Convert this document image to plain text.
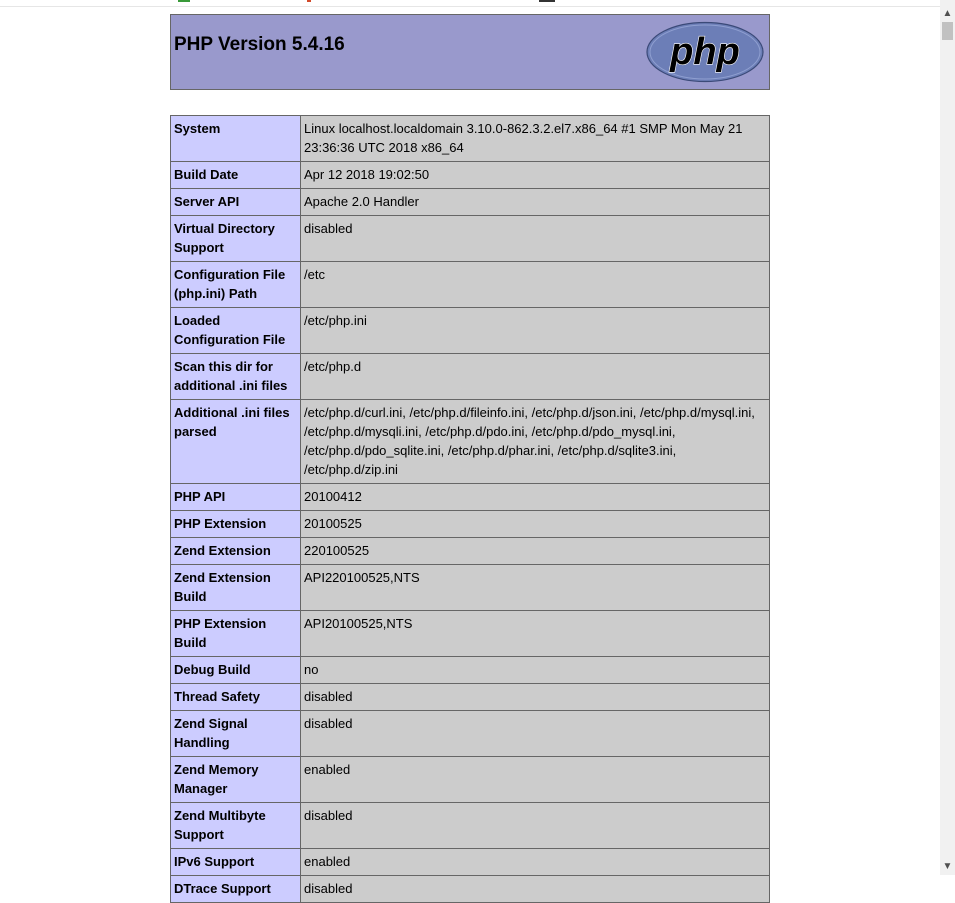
PHP Version 5.4.16	php
System	Linux localhost.localdomain 3.10.0-862.3.2.el7.x86_64 #1 SMP Mon May 21 23:36:36 UTC 2018 x86_64
Build Date	Apr 12 2018 19:02:50
Server API	Apache 2.0 Handler
Virtual Directory Support	disabled
Configuration File (php.ini) Path	/etc
Loaded Configuration File	/etc/php.ini
Scan this dir for additional .ini files	/etc/php.d
Additional .ini files parsed	/etc/php.d/curl.ini, /etc/php.d/fileinfo.ini, /etc/php.d/json.ini, /etc/php.d/mysql.ini, /etc/php.d/mysqli.ini, /etc/php.d/pdo.ini, /etc/php.d/pdo_mysql.ini, /etc/php.d/pdo_sqlite.ini, /etc/php.d/phar.ini, /etc/php.d/sqlite3.ini, /etc/php.d/zip.ini
PHP API	20100412
PHP Extension	20100525
Zend Extension	220100525
Zend Extension Build	API220100525,NTS
PHP Extension Build	API20100525,NTS
Debug Build	no
Thread Safety	disabled
Zend Signal Handling	disabled
Zend Memory Manager	enabled
Zend Multibyte Support	disabled
IPv6 Support	enabled
DTrace Support	disabled
▲
▼
